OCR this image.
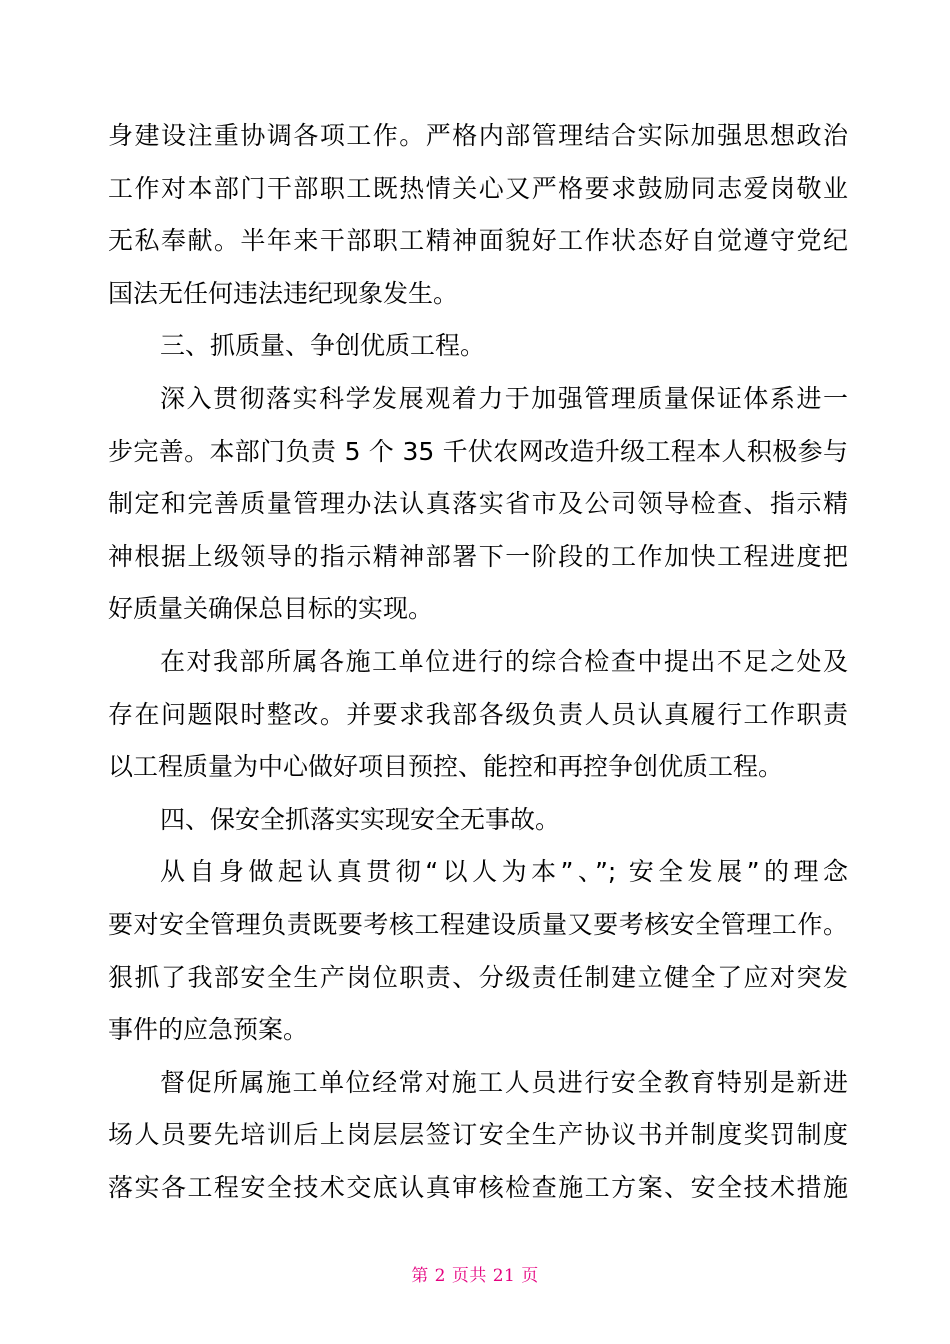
身建设注重协调各项工作。严格内部管理结合实际加强思想政治
工作对本部门干部职工既热情关心又严格要求鼓励同志爱岗敬业
无私奉献。半年来干部职工精神面貌好工作状态好自觉遵守党纪
国法无任何违法违纪现象发生。
三、抓质量、争创优质工程。
深入贯彻落实科学发展观着力于加强管理质量保证体系进一
步完善。本部门负责 5 个 35 千伏农网改造升级工程本人积极参与
制定和完善质量管理办法认真落实省市及公司领导检查、指示精
神根据上级领导的指示精神部署下一阶段的工作加快工程进度把
好质量关确保总目标的实现。
在对我部所属各施工单位进行的综合检查中提出不足之处及
存在问题限时整改。并要求我部各级负责人员认真履行工作职责
以工程质量为中心做好项目预控、能控和再控争创优质工程。
四、保安全抓落实实现安全无事故。
从自身做起认真贯彻“以人为本”、”; 安全发展”的理念
要对安全管理负责既要考核工程建设质量又要考核安全管理工作。
狠抓了我部安全生产岗位职责、分级责任制建立健全了应对突发
事件的应急预案。
督促所属施工单位经常对施工人员进行安全教育特别是新进
场人员要先培训后上岗层层签订安全生产协议书并制度奖罚制度
落实各工程安全技术交底认真审核检查施工方案、安全技术措施
第 2 页共 21 页
